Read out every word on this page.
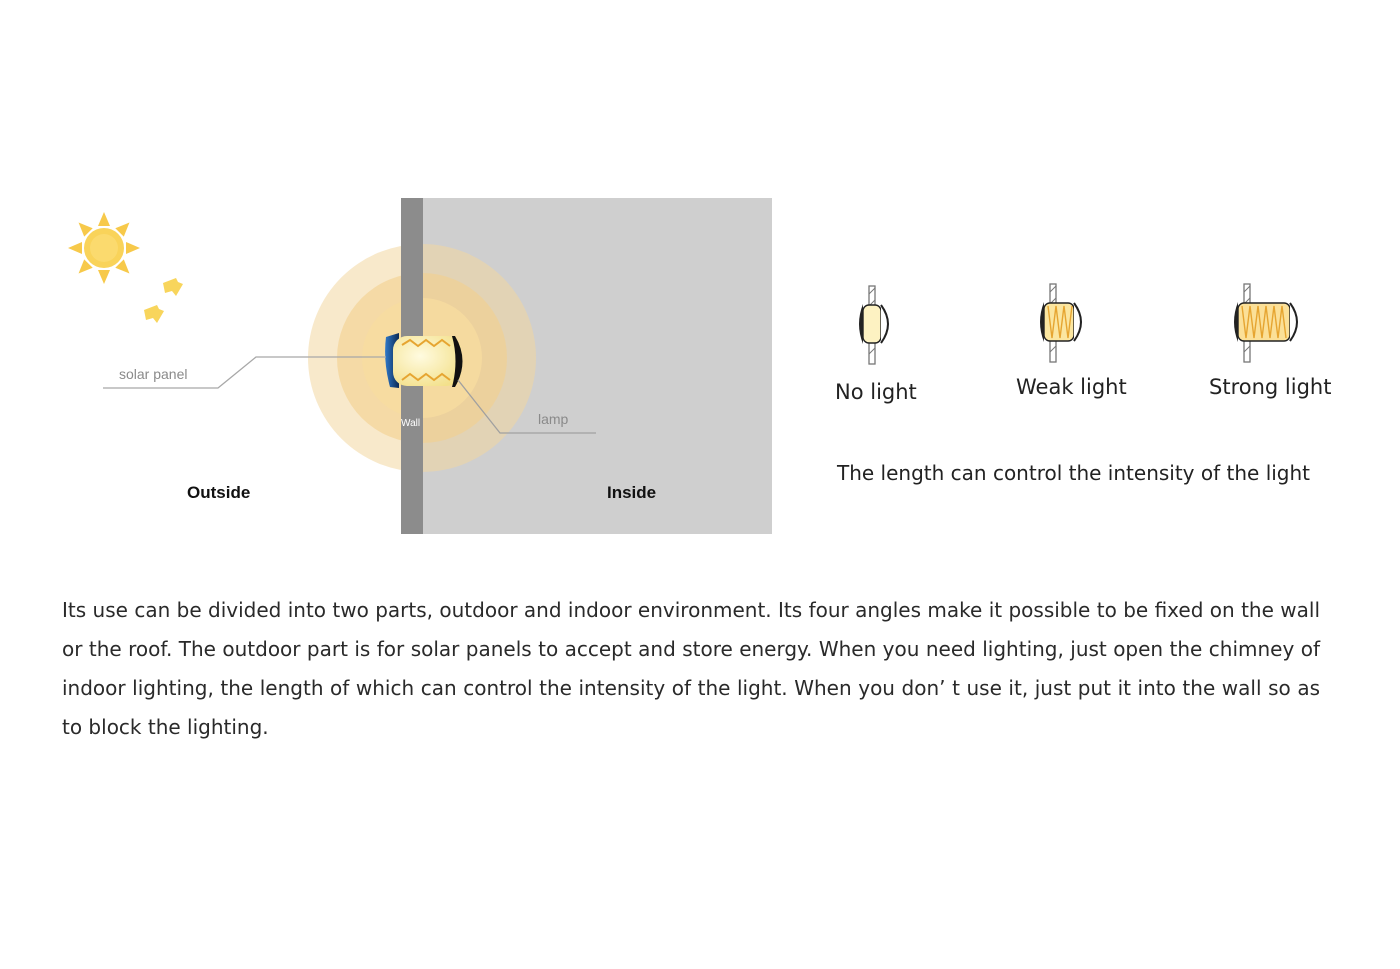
solar panel
lamp
Wall
Outside	Inside
No light	Weak light	Strong light
The length can control the intensity of the light

Its use can be divided into two parts, outdoor and indoor environment. Its four angles make it possible to be fixed on the wall or the roof. The outdoor part is for solar panels to accept and store energy. When you need lighting, just open the chimney of indoor lighting, the length of which can control the intensity of the light. When you don’ t use it, just put it into the wall so as to block the lighting.
